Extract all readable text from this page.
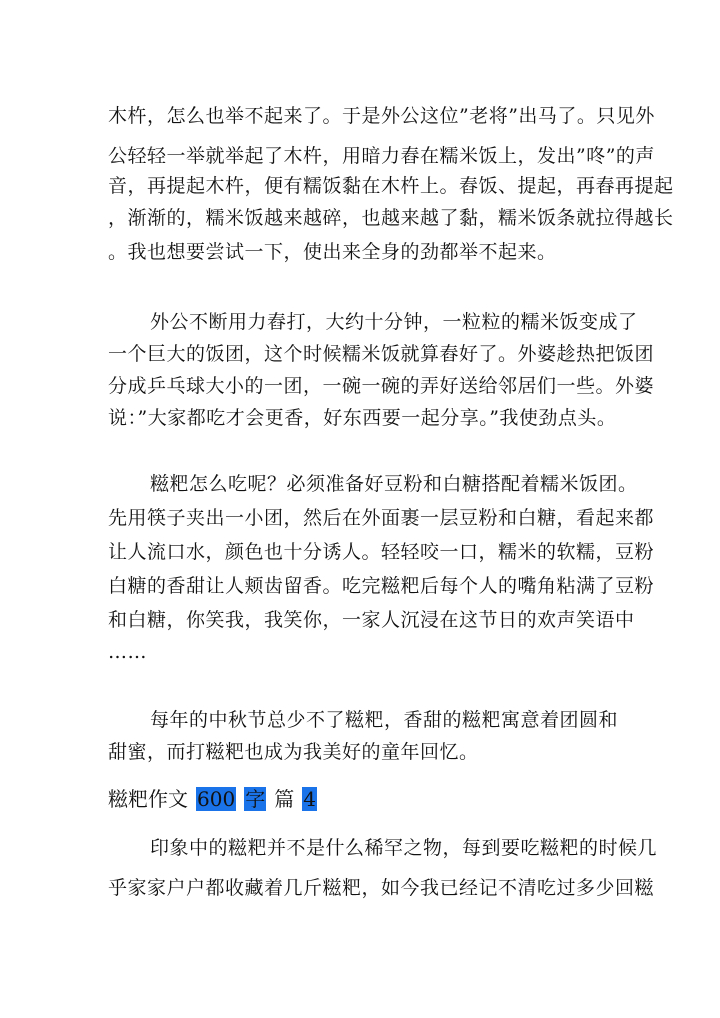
木杵，怎么也举不起来了。于是外公这位”老将”出马了。只见外
公轻轻一举就举起了木杵，用暗力舂在糯米饭上，发出”咚”的声
音，再提起木杵，便有糯饭黏在木杵上。舂饭、提起，再舂再提起
，渐渐的，糯米饭越来越碎，也越来越了黏，糯米饭条就拉得越长
。我也想要尝试一下，使出来全身的劲都举不起来。
外公不断用力舂打，大约十分钟，一粒粒的糯米饭变成了
一个巨大的饭团，这个时候糯米饭就算舂好了。外婆趁热把饭团
分成乒乓球大小的一团，一碗一碗的弄好送给邻居们一些。外婆
说：”大家都吃才会更香，好东西要一起分享。”我使劲点头。
糍粑怎么吃呢？必须准备好豆粉和白糖搭配着糯米饭团。
先用筷子夹出一小团，然后在外面裹一层豆粉和白糖，看起来都
让人流口水，颜色也十分诱人。轻轻咬一口，糯米的软糯，豆粉
白糖的香甜让人颊齿留香。吃完糍粑后每个人的嘴角粘满了豆粉
和白糖，你笑我，我笑你，一家人沉浸在这节日的欢声笑语中
……
每年的中秋节总少不了糍粑，香甜的糍粑寓意着团圆和
甜蜜，而打糍粑也成为我美好的童年回忆。
糍粑作文 600 字 篇 4
印象中的糍粑并不是什么稀罕之物，每到要吃糍粑的时候几
乎家家户户都收藏着几斤糍粑，如今我已经记不清吃过多少回糍
